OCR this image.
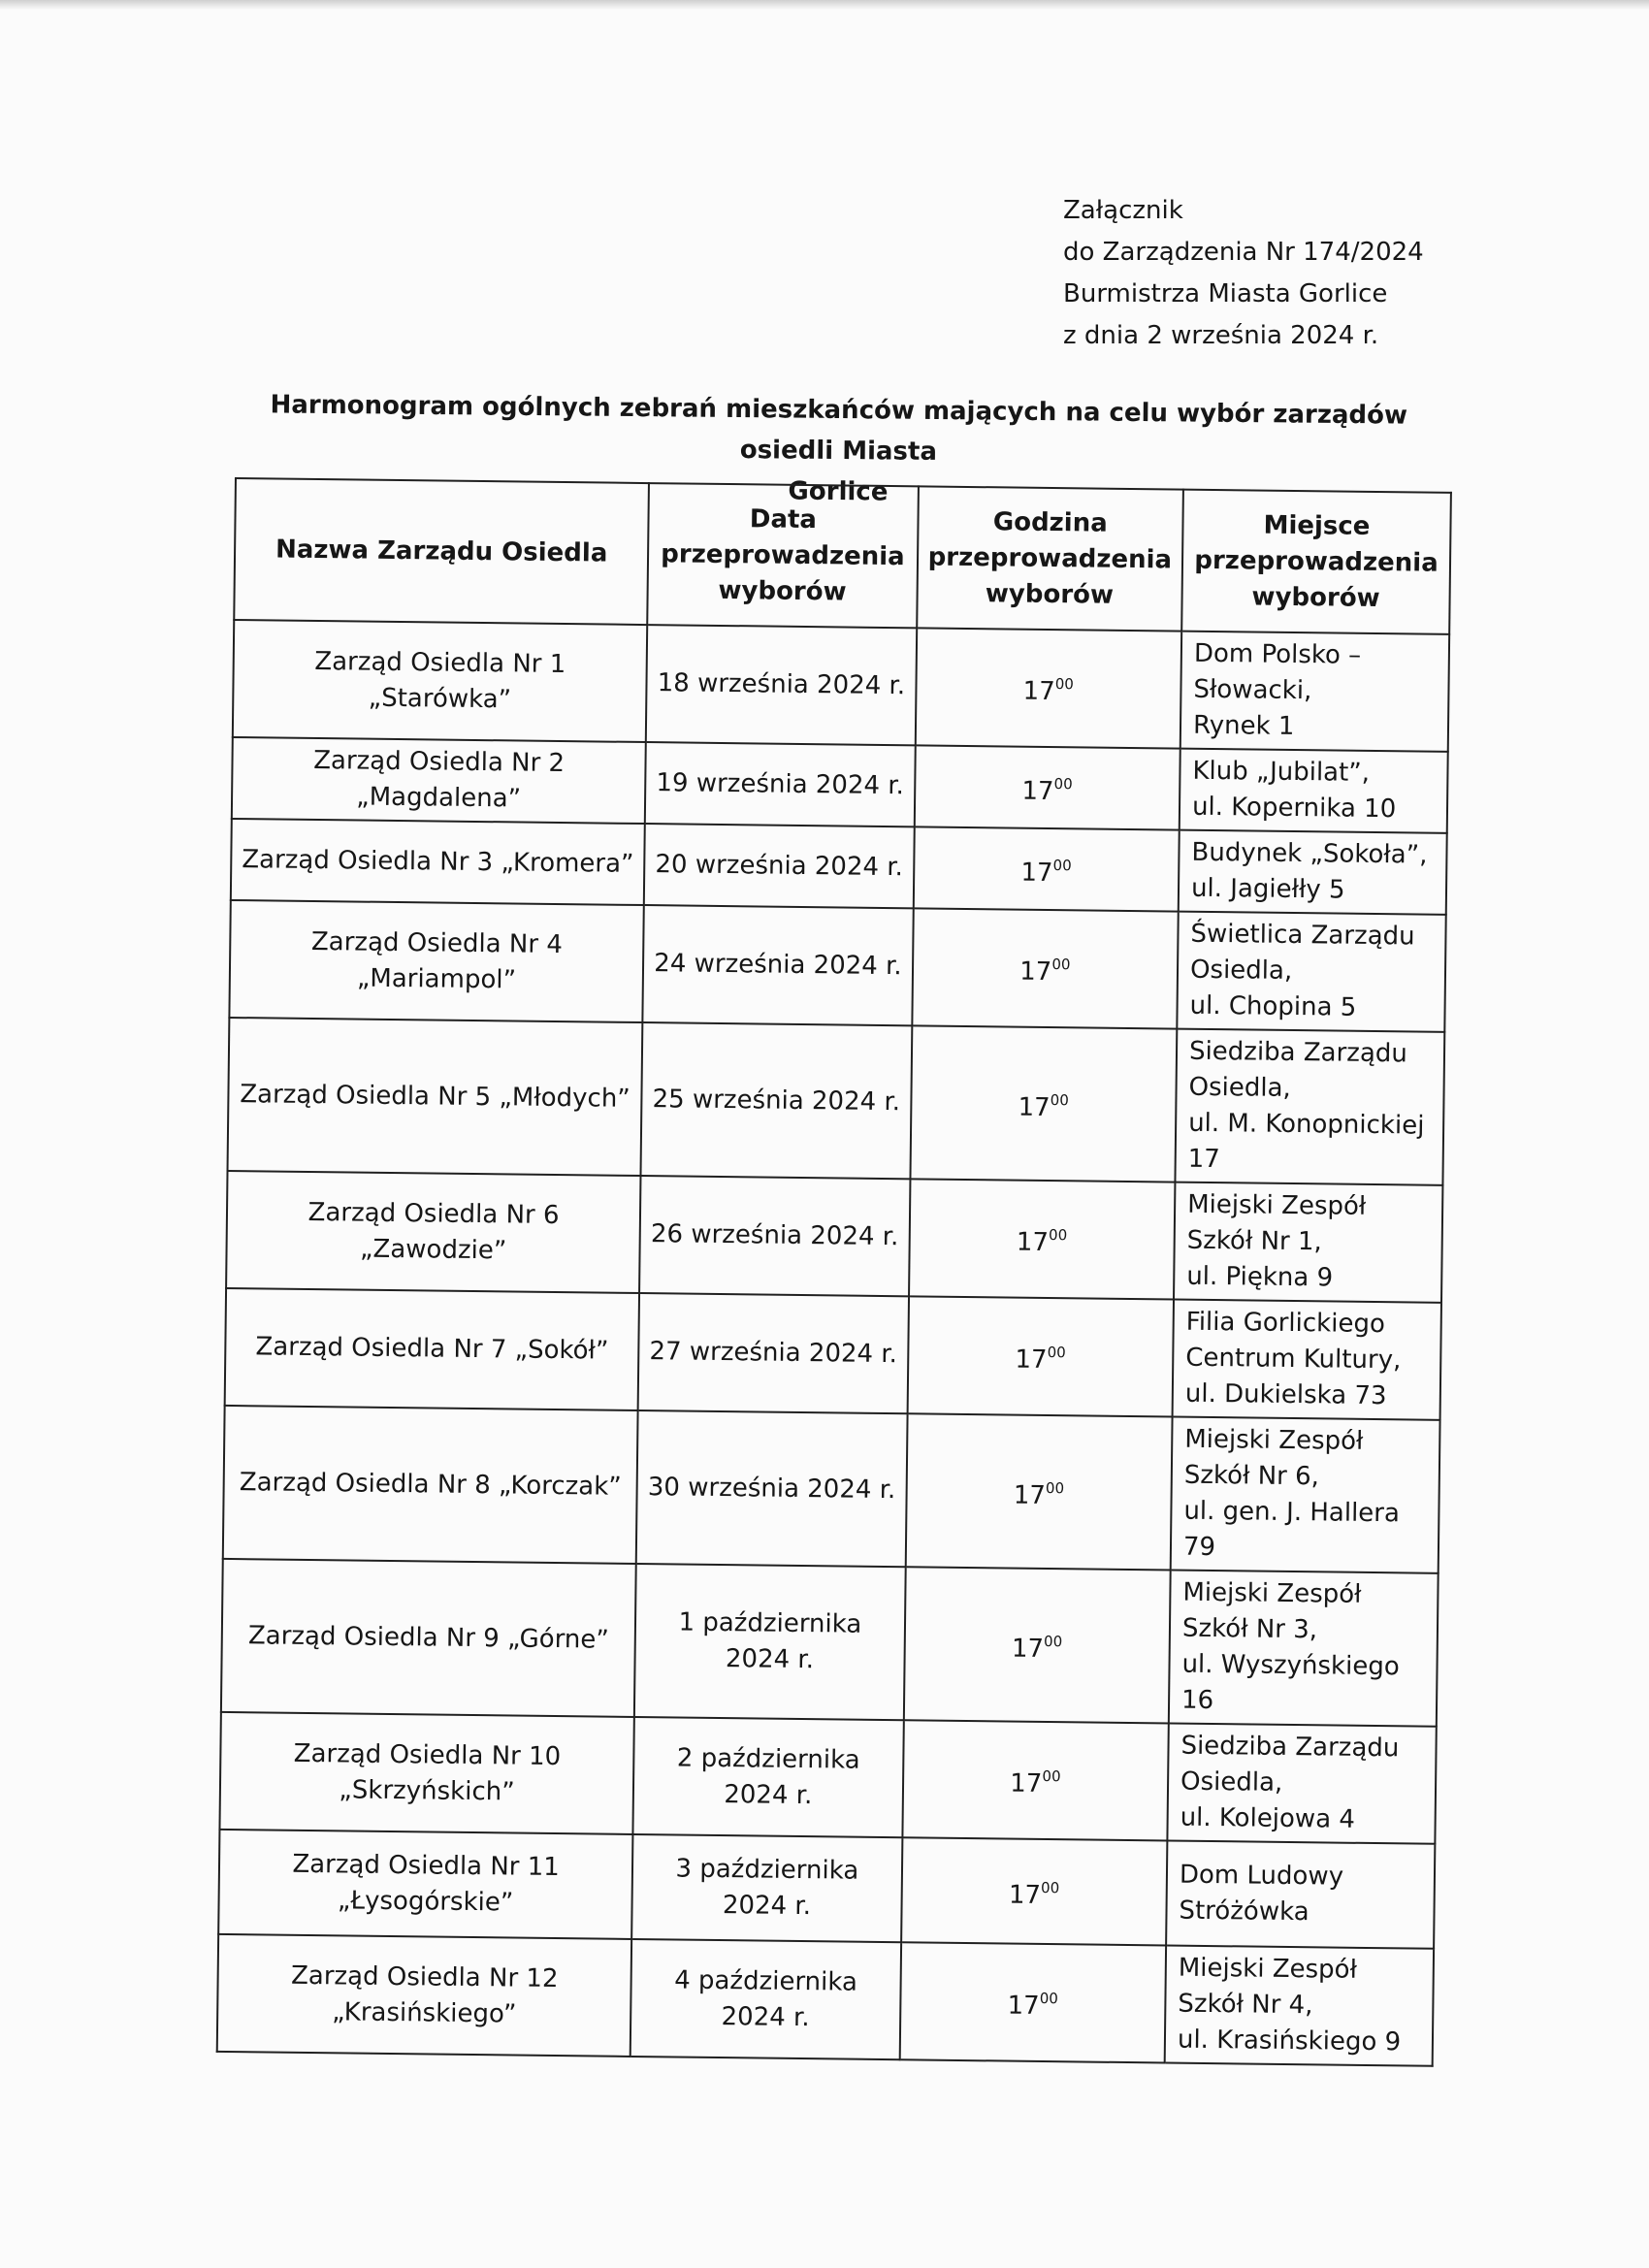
Załącznik
do Zarządzenia Nr 174/2024
Burmistrza Miasta Gorlice
z dnia 2 września 2024 r.
Harmonogram ogólnych zebrań mieszkańców mających na celu wybór zarządów osiedli Miasta
Gorlice
Nazwa Zarządu Osiedla	Data
przeprowadzenia
wyborów	Godzina
przeprowadzenia
wyborów	Miejsce
przeprowadzenia
wyborów

Zarząd Osiedla Nr 1
„Starówka”	18 września 2024 r.	$17^{00}$	Dom Polsko –
Słowacki,
Rynek 1

Zarząd Osiedla Nr 2
„Magdalena”	19 września 2024 r.	$17^{00}$	Klub „Jubilat”,
ul. Kopernika 10

Zarząd Osiedla Nr 3 „Kromera”	20 września 2024 r.	$17^{00}$	Budynek „Sokoła”,
ul. Jagiełły 5

Zarząd Osiedla Nr 4
„Mariampol”	24 września 2024 r.	$17^{00}$	Świetlica Zarządu
Osiedla,
ul. Chopina 5

Zarząd Osiedla Nr 5 „Młodych”	25 września 2024 r.	$17^{00}$	Siedziba Zarządu
Osiedla,
ul. M. Konopnickiej
17

Zarząd Osiedla Nr 6
„Zawodzie”	26 września 2024 r.	$17^{00}$	Miejski Zespół
Szkół Nr 1,
ul. Piękna 9

Zarząd Osiedla Nr 7 „Sokół”	27 września 2024 r.	$17^{00}$	Filia Gorlickiego
Centrum Kultury,
ul. Dukielska 73

Zarząd Osiedla Nr 8 „Korczak”	30 września 2024 r.	$17^{00}$	Miejski Zespół
Szkół Nr 6,
ul. gen. J. Hallera
79

Zarząd Osiedla Nr 9 „Górne”	1 października
2024 r.	$17^{00}$	Miejski Zespół
Szkół Nr 3,
ul. Wyszyńskiego
16

Zarząd Osiedla Nr 10
„Skrzyńskich”	2 października
2024 r.	$17^{00}$	Siedziba Zarządu
Osiedla,
ul. Kolejowa 4

Zarząd Osiedla Nr 11
„Łysogórskie”	3 października
2024 r.	$17^{00}$	Dom Ludowy
Stróżówka

Zarząd Osiedla Nr 12
„Krasińskiego”	4 października
2024 r.	$17^{00}$	Miejski Zespół
Szkół Nr 4,
ul. Krasińskiego 9
